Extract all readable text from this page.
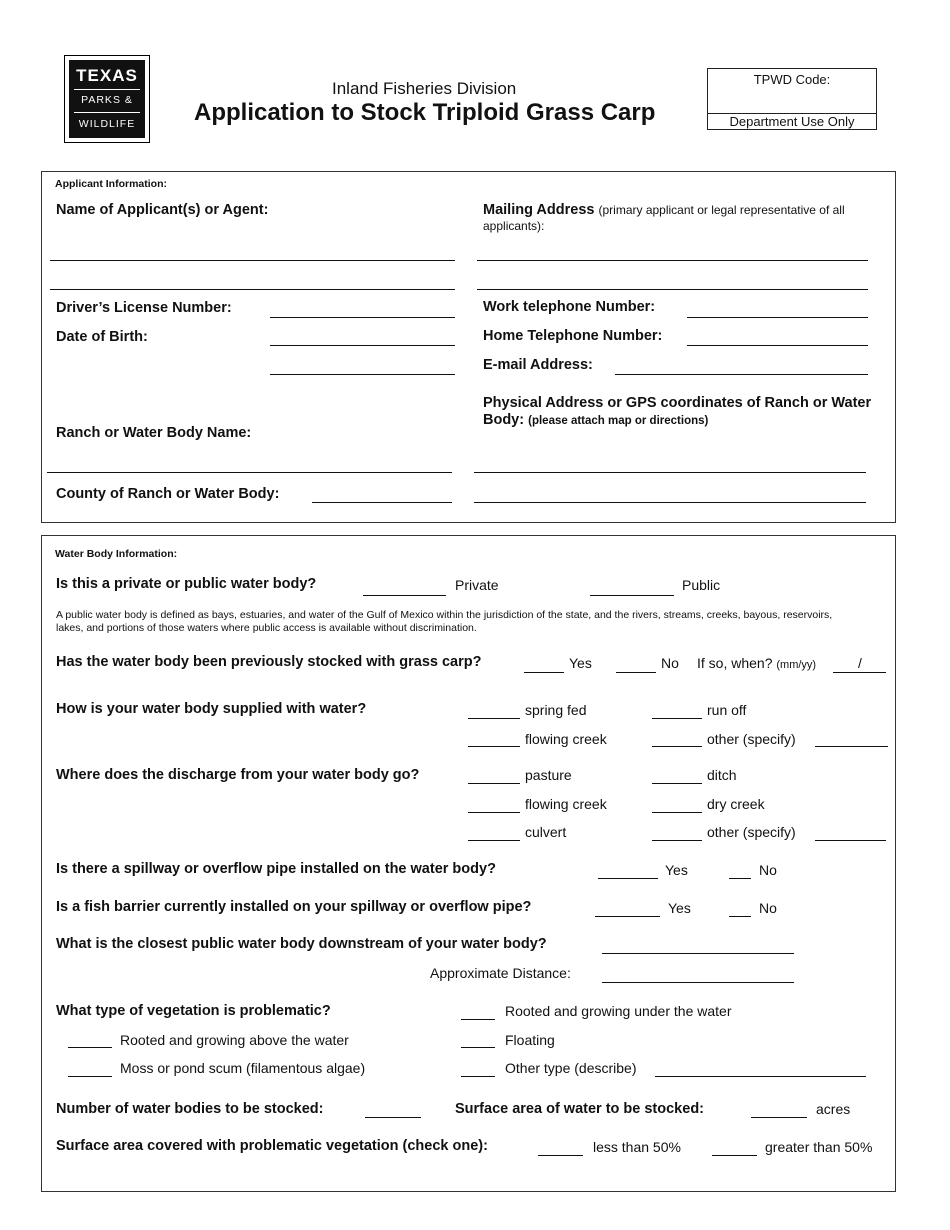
TEXAS
PARKS &
WILDLIFE
Inland Fisheries Division
Application to Stock Triploid Grass Carp
TPWD Code:
Department Use Only
Applicant Information:
Name of Applicant(s) or Agent:	Mailing Address (primary applicant or legal representative of all applicants):
Driver’s License Number:
Date of Birth:
Work telephone Number:
Home Telephone Number:
E-mail Address:
Physical Address or GPS coordinates of Ranch or Water Body: (please attach map or directions)
Ranch or Water Body Name:
County of Ranch or Water Body:
Water Body Information:
Is this a private or public water body?	Private	Public
A public water body is defined as bays, estuaries, and water of the Gulf of Mexico within the jurisdiction of the state, and the rivers, streams, creeks, bayous, reservoirs, lakes, and portions of those waters where public access is available without discrimination.
Has the water body been previously stocked with grass carp?	Yes	No If so, when? (mm/yy)	/
How is your water body supplied with water?	spring fed	run off
flowing creek	other (specify)
Where does the discharge from your water body go?	pasture	ditch
flowing creek	dry creek
culvert	other (specify)
Is there a spillway or overflow pipe installed on the water body?	Yes	No
Is a fish barrier currently installed on your spillway or overflow pipe?	Yes	No
What is the closest public water body downstream of your water body?
Approximate Distance:
What type of vegetation is problematic?	Rooted and growing under the water
Rooted and growing above the water	Floating
Moss or pond scum (filamentous algae)	Other type (describe)
Number of water bodies to be stocked:	Surface area of water to be stocked:	acres
Surface area covered with problematic vegetation (check one):	less than 50%	greater than 50%
